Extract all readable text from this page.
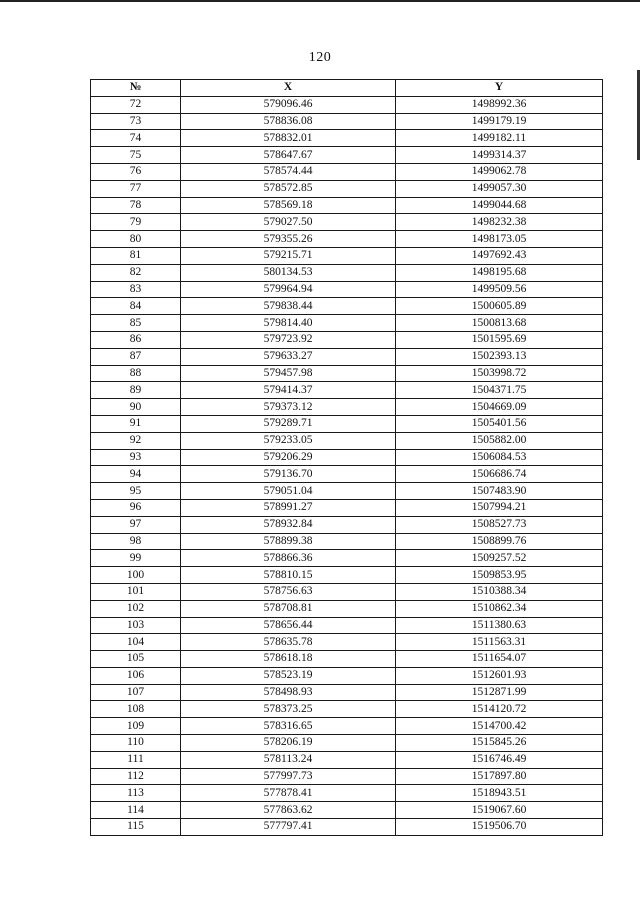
120
№	X	Y
72	579096.46	1498992.36
73	578836.08	1499179.19
74	578832.01	1499182.11
75	578647.67	1499314.37
76	578574.44	1499062.78
77	578572.85	1499057.30
78	578569.18	1499044.68
79	579027.50	1498232.38
80	579355.26	1498173.05
81	579215.71	1497692.43
82	580134.53	1498195.68
83	579964.94	1499509.56
84	579838.44	1500605.89
85	579814.40	1500813.68
86	579723.92	1501595.69
87	579633.27	1502393.13
88	579457.98	1503998.72
89	579414.37	1504371.75
90	579373.12	1504669.09
91	579289.71	1505401.56
92	579233.05	1505882.00
93	579206.29	1506084.53
94	579136.70	1506686.74
95	579051.04	1507483.90
96	578991.27	1507994.21
97	578932.84	1508527.73
98	578899.38	1508899.76
99	578866.36	1509257.52
100	578810.15	1509853.95
101	578756.63	1510388.34
102	578708.81	1510862.34
103	578656.44	1511380.63
104	578635.78	1511563.31
105	578618.18	1511654.07
106	578523.19	1512601.93
107	578498.93	1512871.99
108	578373.25	1514120.72
109	578316.65	1514700.42
110	578206.19	1515845.26
111	578113.24	1516746.49
112	577997.73	1517897.80
113	577878.41	1518943.51
114	577863.62	1519067.60
115	577797.41	1519506.70
